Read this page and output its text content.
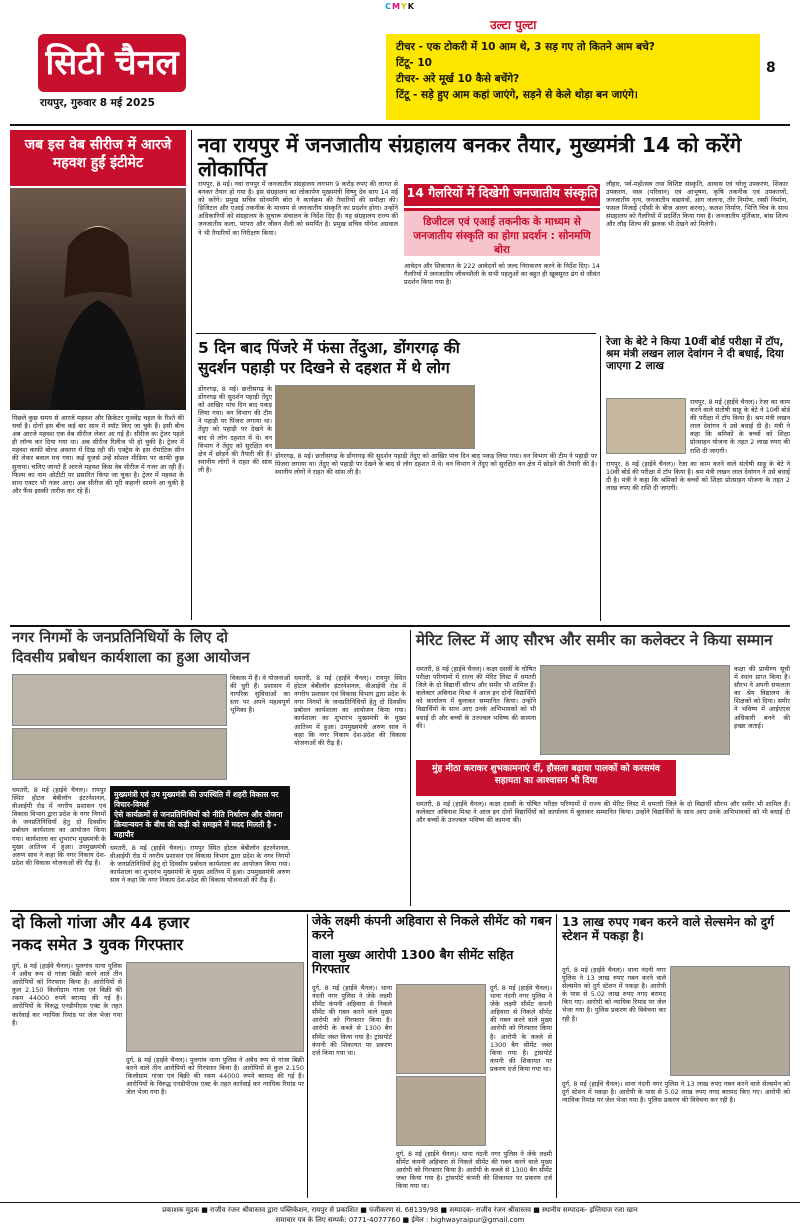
CMYK
सिटी चैनल
रायपुर, गुरुवार 8 मई 2025
उल्टा पुल्टा
टीचर - एक टोकरी में 10 आम थे, 3 सड़ गए तो कितने आम बचे?
टिंटू- 10
टीचर- अरे मूर्ख 10 कैसे बचेंगे?
टिंटू - सड़े हुए आम कहां जाएंगे, सड़ने से केले थोड़ा बन जाएंगे।
8
जब इस वेब सीरीज में आरजे महवश हुईं इंटीमेट
पिछले कुछ समय से आरजे महवश और क्रिकेटर युजवेंद्र चहल के रिश्ते की चर्चा है। दोनों इस बीच कई बार साथ में स्पॉट किए जा चुके हैं। इसी बीच अब आरजे महवश एक वेब सीरीज लेकर आ गई हैं। सीरीज का ट्रेलर पहले ही लॉन्च कर दिया गया था। अब सीरीज रिलीज भी हो चुकी है। ट्रेलर में महवश काफी बोल्ड अवतार में दिख रही थीं। एक्ट्रेस के इस रोमांटिक सीन की लेकर बवाल मच गया। कई यूजर्स उन्हें सोशल मीडिया पर काफी कुछ सुनाया। चलिए जानते हैं आरजे महवश किस वेब सीरीज में नजर आ रही हैं। फिल्म का नाम ओटीटी पर प्रसारित किया जा चुका है। ट्रेलर में महवश के साथ एक्टर भी नजर आए। अब सीरीज की पूरी कहानी सामने आ चुकी है और फैंस इसकी तारीफ कर रहे हैं।
नवा रायपुर में जनजातीय संग्रहालय बनकर तैयार, मुख्यमंत्री 14 को करेंगे लोकार्पित
रायपुर, 8 मई। नवा रायपुर में जनजातीय संग्रहालय लगभग 9 करोड़ रुपए की लागत से बनकर तैयार हो गया है। इस संग्रहालय का लोकार्पण मुख्यमंत्री विष्णु देव साय 14 मई को करेंगे। प्रमुख सचिव सोनमणि बोरा ने कार्यक्रम की तैयारियों की समीक्षा की। डिजिटल और एआई तकनीक के माध्यम से जनजातीय संस्कृति का प्रदर्शन होगा। उन्होंने अधिकारियों को संग्रहालय के सुचारू संचालन के निर्देश दिए हैं। यह संग्रहालय राज्य की जनजातीय कला, परंपरा और जीवन शैली को समर्पित है। प्रमुख सचिव योगेश अग्रवाल ने भी तैयारियों का निरीक्षण किया।
14 गैलरियों में दिखेगी जनजातीय संस्कृति
डिजीटल एवं एआई तकनीक के माध्यम से जनजातीय संस्कृति का होगा प्रदर्शन : सोनमणि बोरा
आवेदन और शिकायत के 222 आवेदनों को जल्द निराकरण करने के निर्देश दिए। 14 गैलरियों में जनजातीय जीवनशैली के सभी पहलुओं का बहुत ही खूबसूरत ढंग से जीवंत प्रदर्शन किया गया है।
लौहार, पर्व-महोत्सव तथा विशिष्ट संस्कृति, आवास एवं घरेलू उपकरण, शिकार उपकरण, वस्त्र (परिधान) एवं आभूषण, कृषि तकनीक एवं उपकरणों, जनजातीय नृत्य, जनजातीय वाद्ययंत्रों, आग जलाना, तीर निर्माण, रस्सी निर्माण, फसल मिंजाई (पीसी के बीज अलग करना), कलश निर्माण, भित्ति चित्र के साथ संग्रहालय को गैलरियों में प्रदर्शित किया गया है। जनजातीय मूर्तिकार, बांस शिल्प और लौह शिल्प की झलक भी देखने को मिलेगी।
5 दिन बाद पिंजरे में फंसा तेंदुआ, डोंगरगढ़ की
सुदर्शन पहाड़ी पर दिखने से दहशत में थे लोग
डोंगरगढ़, 8 मई। छत्तीसगढ़ के डोंगरगढ़ की सुदर्शन पहाड़ी तेंदुए को आखिर पांच दिन बाद पकड़ लिया गया। वन विभाग की टीम ने पहाड़ी पर पिंजरा लगाया था। तेंदुए को पहाड़ी पर देखने के बाद से लोग दहशत में थे। वन विभाग ने तेंदुए को सुरक्षित वन क्षेत्र में छोड़ने की तैयारी की है। स्थानीय लोगों ने राहत की सांस ली है।
डोंगरगढ़, 8 मई। छत्तीसगढ़ के डोंगरगढ़ की सुदर्शन पहाड़ी तेंदुए को आखिर पांच दिन बाद पकड़ लिया गया। वन विभाग की टीम ने पहाड़ी पर पिंजरा लगाया था। तेंदुए को पहाड़ी पर देखने के बाद से लोग दहशत में थे। वन विभाग ने तेंदुए को सुरक्षित वन क्षेत्र में छोड़ने की तैयारी की है। स्थानीय लोगों ने राहत की सांस ली है।
रेजा के बेटे ने किया 10वीं बोर्ड परीक्षा में टॉप, श्रम मंत्री लखन लाल देवांगन ने दी बधाई, दिया जाएगा 2 लाख
रायपुर, 8 मई (हाईवे चैनल)। रेजा का काम करने वाले संतोषी साहू के बेटे ने 10वीं बोर्ड की परीक्षा में टॉप किया है। श्रम मंत्री लखन लाल देवांगन ने उसे बधाई दी है। मंत्री ने कहा कि श्रमिकों के बच्चों को शिक्षा प्रोत्साहन योजना के तहत 2 लाख रुपए की राशि दी जाएगी।
रायपुर, 8 मई (हाईवे चैनल)। रेजा का काम करने वाले संतोषी साहू के बेटे ने 10वीं बोर्ड की परीक्षा में टॉप किया है। श्रम मंत्री लखन लाल देवांगन ने उसे बधाई दी है। मंत्री ने कहा कि श्रमिकों के बच्चों को शिक्षा प्रोत्साहन योजना के तहत 2 लाख रुपए की राशि दी जाएगी।
नगर निगमों के जनप्रतिनिधियों के लिए दो
दिवसीय प्रबोधन कार्यशाला का हुआ आयोजन
विकास में हैं। वे योजनाओं की धुरी हैं। प्रशासन में नागरिक सुविधाओं का स्तर पर अपने महत्वपूर्ण भूमिका है।
मुख्यमंत्री एवं उप मुख्यमंत्री की उपस्थिति में शहरी विकास पर विचार-विमर्श
ऐसे कार्यक्रमों से जनप्रतिनिधियों को नीति निर्धारण और योजना क्रियान्वयन के बीच की कड़ी को समझने में मदद मिलती है - महापौर
धमतरी, 8 मई (हाईवे चैनल)। रायपुर स्थित होटल बेबीलॉन इंटरनेशनल, वीआईपी रोड में नगरीय प्रशासन एवं विकास विभाग द्वारा प्रदेश के नगर निगमों के जनप्रतिनिधियों हेतु दो दिवसीय प्रबोधन कार्यशाला का आयोजन किया गया। कार्यशाला का शुभारंभ मुख्यमंत्री के मुख्य आतिथ्य में हुआ। उपमुख्यमंत्री अरुण साव ने कहा कि नगर निकाय देश-प्रदेश की विकास योजनाओं की रीढ़ हैं।
धमतरी, 8 मई (हाईवे चैनल)। रायपुर स्थित होटल बेबीलॉन इंटरनेशनल, वीआईपी रोड में नगरीय प्रशासन एवं विकास विभाग द्वारा प्रदेश के नगर निगमों के जनप्रतिनिधियों हेतु दो दिवसीय प्रबोधन कार्यशाला का आयोजन किया गया। कार्यशाला का शुभारंभ मुख्यमंत्री के मुख्य आतिथ्य में हुआ। उपमुख्यमंत्री अरुण साव ने कहा कि नगर निकाय देश-प्रदेश की विकास योजनाओं की रीढ़ हैं।
धमतरी, 8 मई (हाईवे चैनल)। रायपुर स्थित होटल बेबीलॉन इंटरनेशनल, वीआईपी रोड में नगरीय प्रशासन एवं विकास विभाग द्वारा प्रदेश के नगर निगमों के जनप्रतिनिधियों हेतु दो दिवसीय प्रबोधन कार्यशाला का आयोजन किया गया। कार्यशाला का शुभारंभ मुख्यमंत्री के मुख्य आतिथ्य में हुआ। उपमुख्यमंत्री अरुण साव ने कहा कि नगर निकाय देश-प्रदेश की विकास योजनाओं की रीढ़ हैं।
मेरिट लिस्ट में आए सौरभ और समीर का कलेक्टर ने किया सम्मान
धमतरी, 8 मई (हाईवे चैनल)। कक्षा दसवीं के घोषित परीक्षा परिणामों में राज्य की मेरिट लिस्ट में धमतरी जिले के दो विद्यार्थी सौरभ और समीर भी शामिल हैं। कलेक्टर अबिनाश मिश्रा ने आज इन दोनों विद्यार्थियों को कार्यालय में बुलाकर सम्मानित किया। उन्होंने विद्यार्थियों के साथ आए उनके अभिभावकों को भी बधाई दी और बच्चों के उज्ज्वल भविष्य की कामना की।
कक्षा की प्रावीण्य सूची में स्थान प्राप्त किया है। सौरभ ने अपनी सफलता का श्रेय विद्यालय के शिक्षकों को दिया। समीर ने भविष्य में आईएएस अधिकारी बनने की इच्छा जताई।
मुंह मीठा कराकर शुभकामनाएं दीं, हौसला बढ़ाया पालकों को करसमंव सहायता का आश्वासन भी दिया
धमतरी, 8 मई (हाईवे चैनल)। कक्षा दसवीं के घोषित परीक्षा परिणामों में राज्य की मेरिट लिस्ट में धमतरी जिले के दो विद्यार्थी सौरभ और समीर भी शामिल हैं। कलेक्टर अबिनाश मिश्रा ने आज इन दोनों विद्यार्थियों को कार्यालय में बुलाकर सम्मानित किया। उन्होंने विद्यार्थियों के साथ आए उनके अभिभावकों को भी बधाई दी और बच्चों के उज्ज्वल भविष्य की कामना की।
दो किलो गांजा और 44 हजार
नकद समेत 3 युवक गिरफ्तार
दुर्ग, 8 मई (हाईवे चैनल)। पुलगांव थाना पुलिस ने अवैध रूप से गांजा बिक्री करने वाले तीन आरोपियों को गिरफ्तार किया है। आरोपियों से कुल 2.150 किलोग्राम गांजा एवं बिक्री की रकम 44000 रुपये बरामद की गई है। आरोपियों के विरुद्ध एनडीपीएस एक्ट के तहत कार्रवाई कर न्यायिक रिमांड पर जेल भेजा गया है।
दुर्ग, 8 मई (हाईवे चैनल)। पुलगांव थाना पुलिस ने अवैध रूप से गांजा बिक्री करने वाले तीन आरोपियों को गिरफ्तार किया है। आरोपियों से कुल 2.150 किलोग्राम गांजा एवं बिक्री की रकम 44000 रुपये बरामद की गई है। आरोपियों के विरुद्ध एनडीपीएस एक्ट के तहत कार्रवाई कर न्यायिक रिमांड पर जेल भेजा गया है।
जेके लक्ष्मी कंपनी अहिवारा से निकले सीमेंट को गबन करने
वाला मुख्य आरोपी 1300 बैग सीमेंट सहित गिरफ्तार
दुर्ग, 8 मई (हाईवे चैनल)। थाना नंदनी नगर पुलिस ने जेके लक्ष्मी सीमेंट कंपनी अहिवारा से निकले सीमेंट की गबन करने वाले मुख्य आरोपी को गिरफ्तार किया है। आरोपी के कब्जे से 1300 बैग सीमेंट जब्त किया गया है। ट्रांसपोर्ट कंपनी की शिकायत पर प्रकरण दर्ज किया गया था।
दुर्ग, 8 मई (हाईवे चैनल)। थाना नंदनी नगर पुलिस ने जेके लक्ष्मी सीमेंट कंपनी अहिवारा से निकले सीमेंट की गबन करने वाले मुख्य आरोपी को गिरफ्तार किया है। आरोपी के कब्जे से 1300 बैग सीमेंट जब्त किया गया है। ट्रांसपोर्ट कंपनी की शिकायत पर प्रकरण दर्ज किया गया था।
दुर्ग, 8 मई (हाईवे चैनल)। थाना नंदनी नगर पुलिस ने जेके लक्ष्मी सीमेंट कंपनी अहिवारा से निकले सीमेंट की गबन करने वाले मुख्य आरोपी को गिरफ्तार किया है। आरोपी के कब्जे से 1300 बैग सीमेंट जब्त किया गया है। ट्रांसपोर्ट कंपनी की शिकायत पर प्रकरण दर्ज किया गया था।
13 लाख रुपए गबन करने वाले सेल्समेन को दुर्ग स्टेशन में पकड़ा है।
दुर्ग, 8 मई (हाईवे चैनल)। थाना नंदनी नगर पुलिस ने 13 लाख रुपए गबन करने वाले सेल्समेन को दुर्ग स्टेशन में पकड़ा है। आरोपी के पास से 5.02 लाख रुपए नगद बरामद किए गए। आरोपी को न्यायिक रिमांड पर जेल भेजा गया है। पुलिस प्रकरण की विवेचना कर रही है।
दुर्ग, 8 मई (हाईवे चैनल)। थाना नंदनी नगर पुलिस ने 13 लाख रुपए गबन करने वाले सेल्समेन को दुर्ग स्टेशन में पकड़ा है। आरोपी के पास से 5.02 लाख रुपए नगद बरामद किए गए। आरोपी को न्यायिक रिमांड पर जेल भेजा गया है। पुलिस प्रकरण की विवेचना कर रही है।
प्रकाशक मुद्रक ■ राजीव रंजन श्रीवास्तव द्वारा पब्लिकेशन, रायपुर से प्रकाशित ■ पंजीकरण सं. 68139/98 ■ सम्पादक- राजीव रंजन श्रीवास्तव ■ स्थानीय सम्पादक- इम्तियाज रजा खान
समाचार पत्र के लिए सम्पर्क: 0771-4077760 ■ ईमेल : highwayraipur@gmail.com
